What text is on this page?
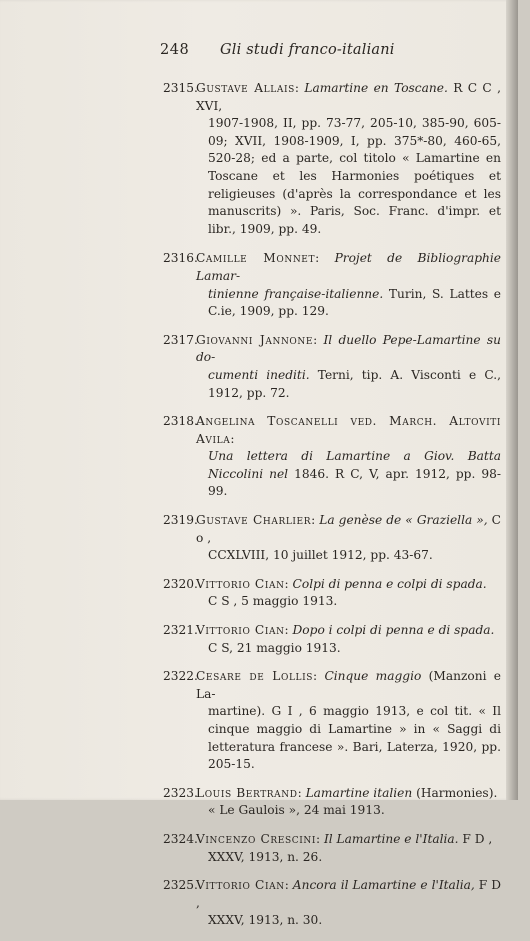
248	Gli studi franco-italiani
2315.
Gustave Allais: Lamartine en Toscane. R C C , XVI,
1907-1908, II, pp. 73-77, 205-10, 385-90, 605-09; XVII, 1908-1909, I, pp. 375*-80, 460-65, 520-28; ed a parte, col titolo « Lamartine en Toscane et les Harmonies poétiques et religieuses (d'après la correspondance et les manuscrits) ». Paris, Soc. Franc. d'impr. et libr., 1909, pp. 49.
2316.
Camille Monnet: Projet de Bibliographie Lamar-
tinienne française-italienne. Turin, S. Lattes e C.ie, 1909, pp. 129.
2317.
Giovanni Jannone: Il duello Pepe-Lamartine su do-
cumenti inediti. Terni, tip. A. Visconti e C., 1912, pp. 72.
2318.
Angelina Toscanelli ved. March. Altoviti Avila:
Una lettera di Lamartine a Giov. Batta Niccolini nel 1846. R C, V, apr. 1912, pp. 98-99.
2319.
Gustave Charlier: La genèse de « Graziella », C o ,
CCXLVIII, 10 juillet 1912, pp. 43-67.
2320.
Vittorio Cian: Colpi di penna e colpi di spada.
C S , 5 maggio 1913.
2321.
Vittorio Cian: Dopo i colpi di penna e di spada.
C S, 21 maggio 1913.
2322.
Cesare de Lollis: Cinque maggio (Manzoni e La-
martine). G I , 6 maggio 1913, e col tit. « Il cinque maggio di Lamartine » in « Saggi di letteratura francese ». Bari, Laterza, 1920, pp. 205-15.
2323.
Louis Bertrand: Lamartine italien (Harmonies).
« Le Gaulois », 24 mai 1913.
2324.
Vincenzo Crescini: Il Lamartine e l'Italia. F D ,
XXXV, 1913, n. 26.
2325.
Vittorio Cian: Ancora il Lamartine e l'Italia, F D ,
XXXV, 1913, n. 30.
